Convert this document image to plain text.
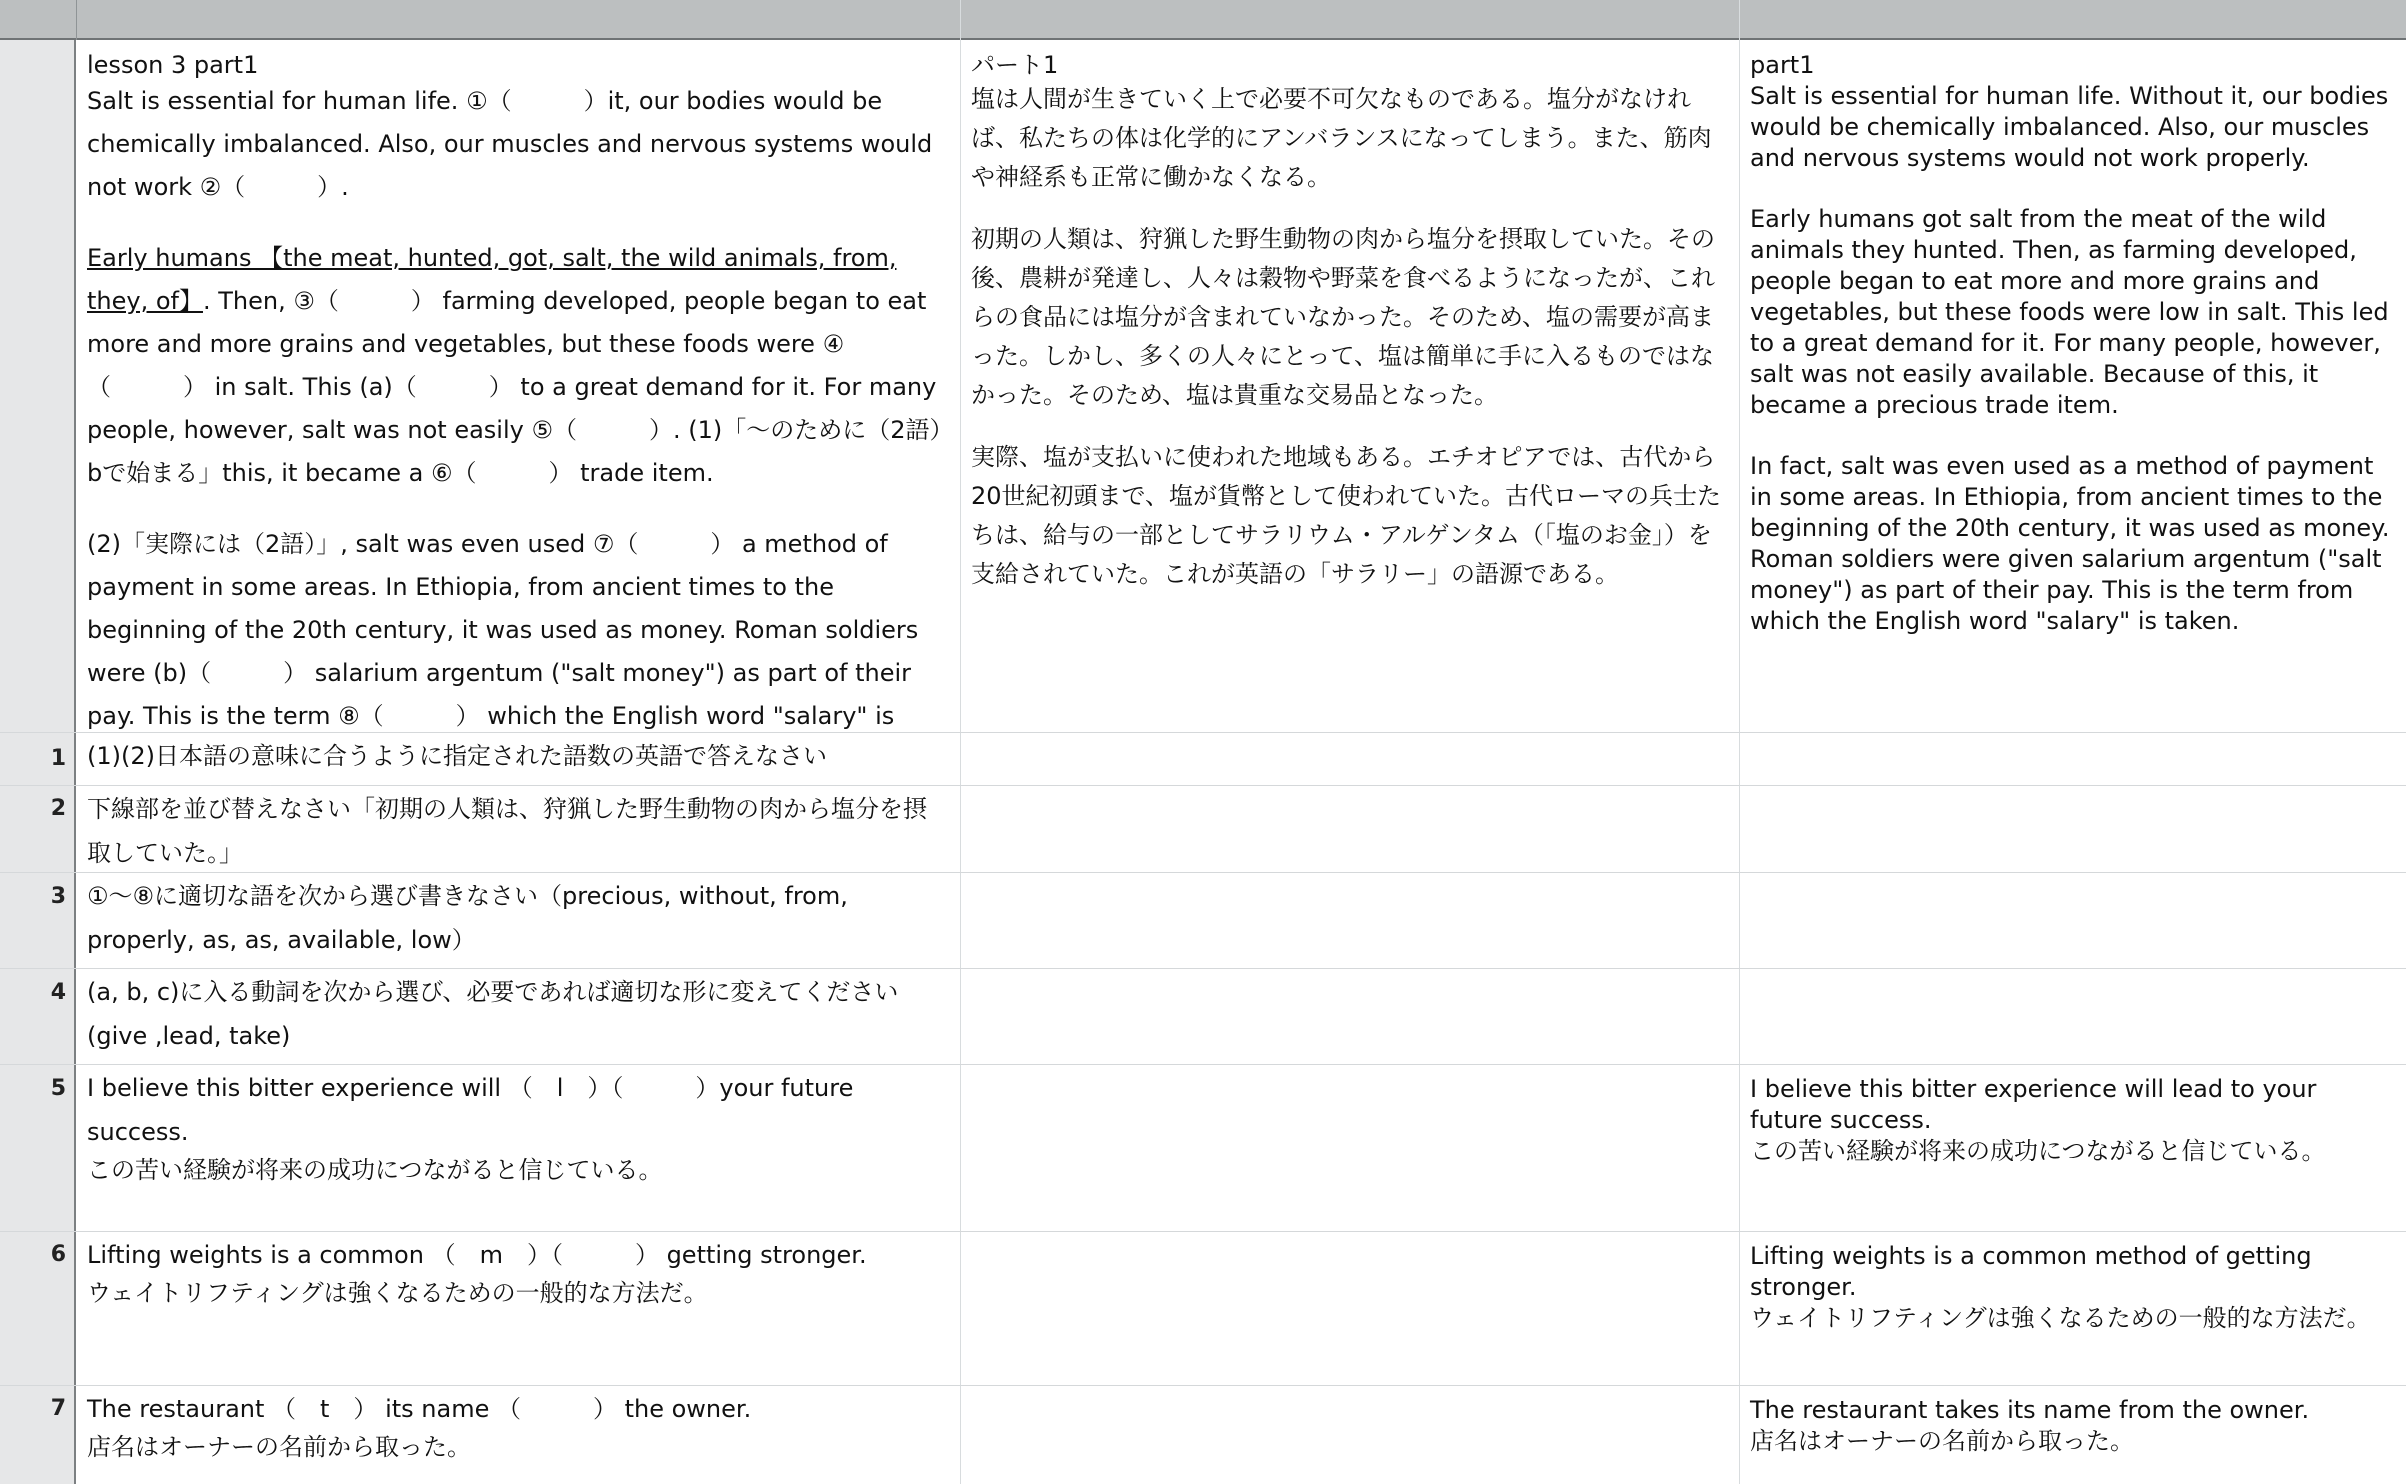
lesson 3 part1

Salt is essential for human life. ①（　　　）it, our bodies would be chemically imbalanced. Also, our muscles and nervous systems would not work ②（　　　）.

Early humans 【the meat, hunted, got, salt, the wild animals, from, they, of】. Then, ③（　　　） farming developed, people began to eat more and more grains and vegetables, but these foods were ④（　　　） in salt. This (a)（　　　） to a great demand for it. For many people, however, salt was not easily ⑤（　　　）. (1)「〜のために（2語）bで始まる」this, it became a ⑥（　　　） trade item.

(2)「実際には（2語）」, salt was even used ⑦（　　　） a method of payment in some areas. In Ethiopia, from ancient times to the beginning of the 20th century, it was used as money. Roman soldiers were (b)（　　　） salarium argentum ("salt money") as part of their pay. This is the term ⑧（　　　） which the English word "salary" is

パート1

塩は人間が生きていく上で必要不可欠なものである。塩分がなければ、私たちの体は化学的にアンバランスになってしまう。また、筋肉や神経系も正常に働かなくなる。

初期の人類は、狩猟した野生動物の肉から塩分を摂取していた。その後、農耕が発達し、人々は穀物や野菜を食べるようになったが、これらの食品には塩分が含まれていなかった。そのため、塩の需要が高まった。しかし、多くの人々にとって、塩は簡単に手に入るものではなかった。そのため、塩は貴重な交易品となった。

実際、塩が支払いに使われた地域もある。エチオピアでは、古代から20世紀初頭まで、塩が貨幣として使われていた。古代ローマの兵士たちは、給与の一部としてサラリウム・アルゲンタム（「塩のお金」）を支給されていた。これが英語の「サラリー」の語源である。

part1

Salt is essential for human life. Without it, our bodies would be chemically imbalanced. Also, our muscles and nervous systems would not work properly.

Early humans got salt from the meat of the wild animals they hunted. Then, as farming developed, people began to eat more and more grains and vegetables, but these foods were low in salt. This led to a great demand for it. For many people, however, salt was not easily available. Because of this, it became a precious trade item.

In fact, salt was even used as a method of payment in some areas. In Ethiopia, from ancient times to the beginning of the 20th century, it was used as money. Roman soldiers were given salarium argentum ("salt money") as part of their pay. This is the term from which the English word "salary" is taken.

1 (1)(2)日本語の意味に合うように指定された語数の英語で答えなさい
2 下線部を並び替えなさい「初期の人類は、狩猟した野生動物の肉から塩分を摂取していた。」
3 ①〜⑧に適切な語を次から選び書きなさい（precious, without, from, properly, as, as, available, low）
4 (a, b, c)に入る動詞を次から選び、必要であれば適切な形に変えてください(give ,lead, take)
5 I believe this bitter experience will （　l　）（　　　）your future success.

この苦い経験が将来の成功につながると信じている。

I believe this bitter experience will lead to your future success.

この苦い経験が将来の成功につながると信じている。

6 Lifting weights is a common （　m　）（　　　） getting stronger.

ウェイトリフティングは強くなるための一般的な方法だ。

Lifting weights is a common method of getting stronger.

ウェイトリフティングは強くなるための一般的な方法だ。

7 The restaurant （　t　） its name （　　　） the owner.

店名はオーナーの名前から取った。

The restaurant takes its name from the owner.

店名はオーナーの名前から取った。
